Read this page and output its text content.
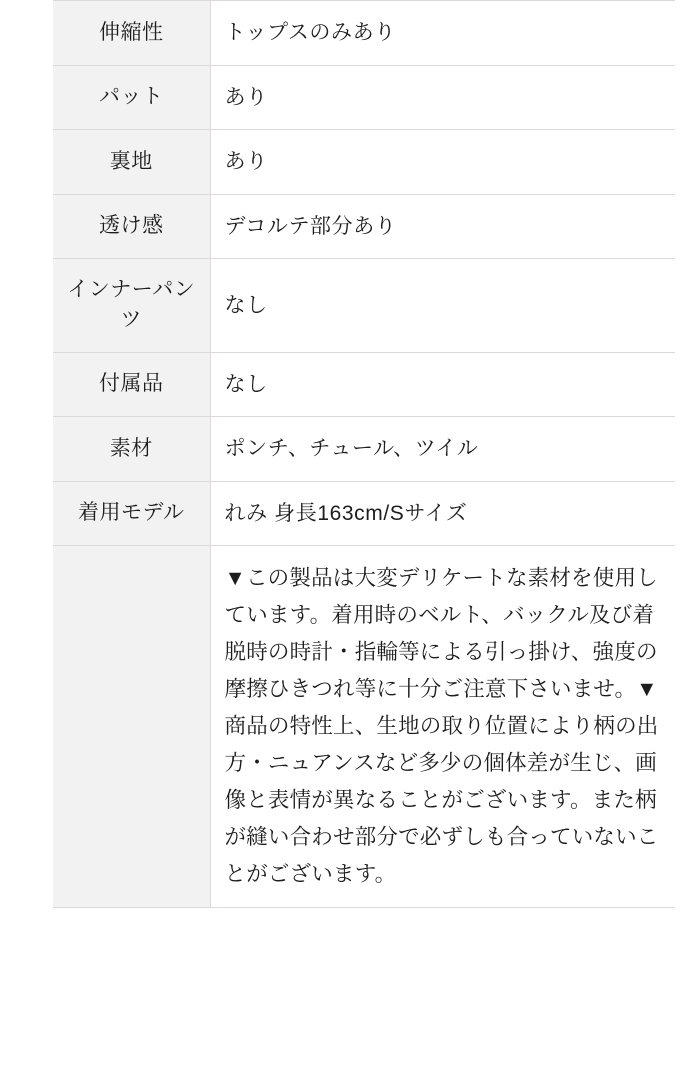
伸縮性	トップスのみあり
パット	あり
裏地	あり
透け感	デコルテ部分あり
インナーパンツ	なし
付属品	なし
素材	ポンチ、チュール、ツイル
着用モデル	れみ 身長163cm/Sサイズ
	▼この製品は大変デリケートな素材を使用しています。着用時のベルト、バックル及び着脱時の時計・指輪等による引っ掛け、強度の摩擦ひきつれ等に十分ご注意下さいませ。▼商品の特性上、生地の取り位置により柄の出方・ニュアンスなど多少の個体差が生じ、画像と表情が異なることがございます。また柄が縫い合わせ部分で必ずしも合っていないことがございます。
